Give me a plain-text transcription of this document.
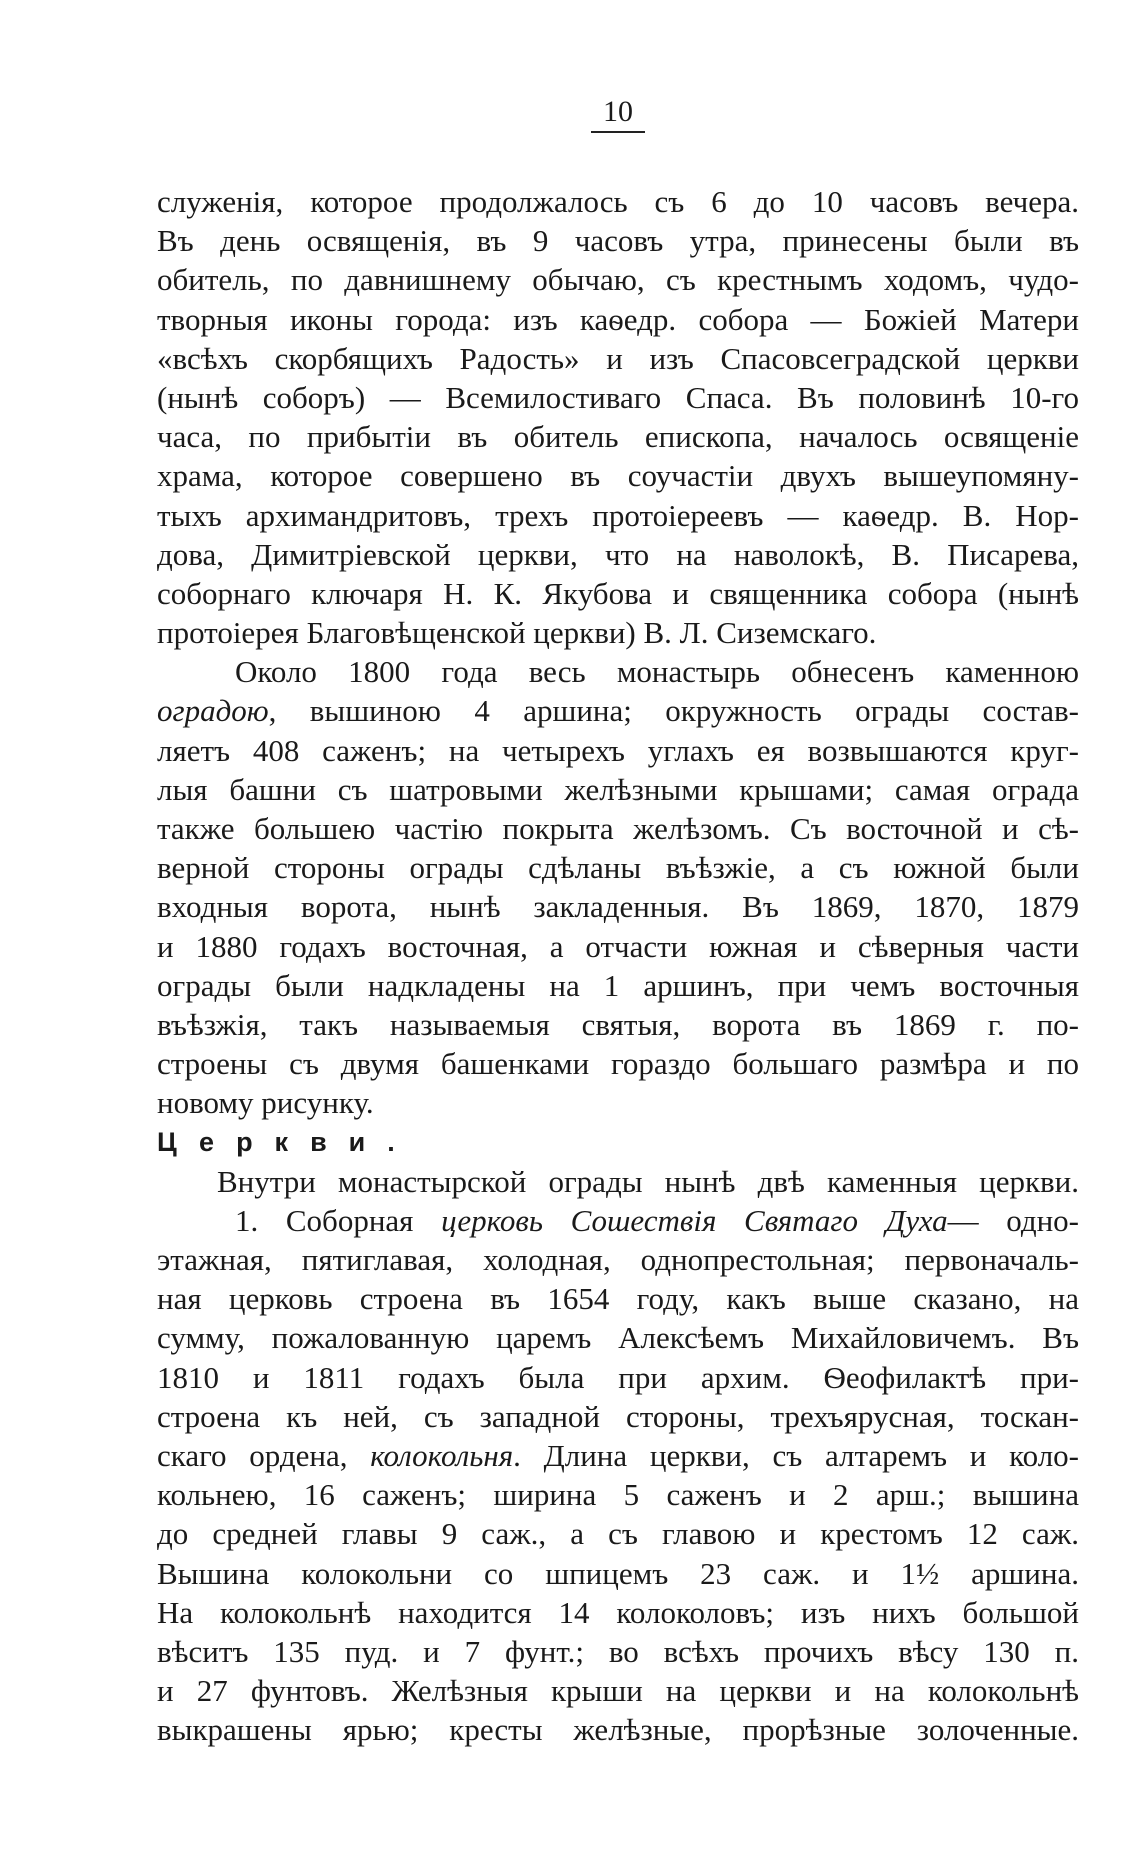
10
служенія, которое продолжалось съ 6 до 10 часовъ вечера.
Въ день освященія, въ 9 часовъ утра, принесены были въ
обитель, по давнишнему обычаю, съ крестнымъ ходомъ, чудо-
творныя иконы города: изъ каѳедр. собора — Божіей Матери
«всѣхъ скорбящихъ Радость» и изъ Спасовсеградской церкви
(нынѣ соборъ) — Всемилостиваго Спаса. Въ половинѣ 10-го
часа, по прибытіи въ обитель епископа, началось освященіе
храма, которое совершено въ соучастіи двухъ вышеупомяну-
тыхъ архимандритовъ, трехъ протоіереевъ — каѳедр. В. Нор-
дова, Димитріевской церкви, что на наволокѣ, В. Писарева,
соборнаго ключаря Н. К. Якубова и священника собора (нынѣ
протоіерея Благовѣщенской церкви) В. Л. Сиземскаго.
Около 1800 года весь монастырь обнесенъ каменною
оградою, вышиною 4 аршина; окружность ограды состав-
ляетъ 408 саженъ; на четырехъ углахъ ея возвышаются круг-
лыя башни съ шатровыми желѣзными крышами; самая ограда
также большею частію покрыта желѣзомъ. Съ восточной и сѣ-
верной стороны ограды сдѣланы въѣзжіе, а съ южной были
входныя ворота, нынѣ закладенныя. Въ 1869, 1870, 1879
и 1880 годахъ восточная, а отчасти южная и сѣверныя части
ограды были надкладены на 1 аршинъ, при чемъ восточныя
въѣзжія, такъ называемыя святыя, ворота въ 1869 г. по-
строены съ двумя башенками гораздо большаго размѣра и по
новому рисунку.
Церкви.
Внутри монастырской ограды нынѣ двѣ каменныя церкви.
1. Соборная церковь Сошествія Святаго Духа— одно-
этажная, пятиглавая, холодная, однопрестольная; первоначаль-
ная церковь строена въ 1654 году, какъ выше сказано, на
сумму, пожалованную царемъ Алексѣемъ Михайловичемъ. Въ
1810 и 1811 годахъ была при архим. Ѳеофилактѣ при-
строена къ ней, съ западной стороны, трехъярусная, тоскан-
скаго ордена, колокольня. Длина церкви, съ алтаремъ и коло-
кольнею, 16 саженъ; ширина 5 саженъ и 2 арш.; вышина
до средней главы 9 саж., а съ главою и крестомъ 12 саж.
Вышина колокольни со шпицемъ 23 саж. и 1½ аршина.
На колокольнѣ находится 14 колоколовъ; изъ нихъ большой
вѣситъ 135 пуд. и 7 фунт.; во всѣхъ прочихъ вѣсу 130 п.
и 27 фунтовъ. Желѣзныя крыши на церкви и на колокольнѣ
выкрашены ярью; кресты желѣзные, прорѣзные золоченные.
